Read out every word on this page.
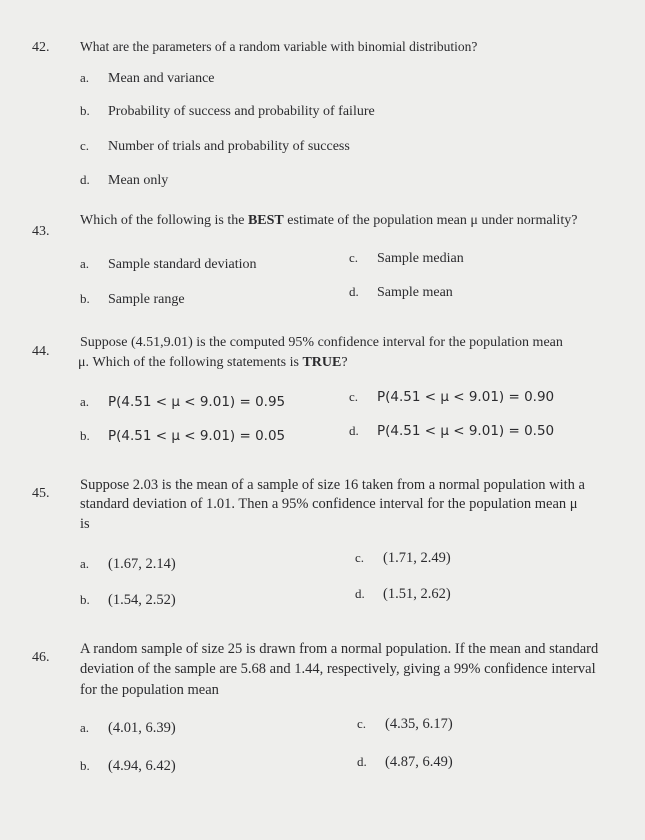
42. What are the parameters of a random variable with binomial distribution?
a. Mean and variance
b. Probability of success and probability of failure
c. Number of trials and probability of success
d. Mean only
43.
Which of the following is the BEST estimate of the population mean μ under normality?
a. Sample standard deviation
b. Sample range
c. Sample median
d. Sample mean
44.
Suppose (4.51,9.01) is the computed 95% confidence interval for the population mean
μ. Which of the following statements is TRUE?
a. P(4.51 < μ < 9.01) = 0.95
b. P(4.51 < μ < 9.01) = 0.05
c. P(4.51 < μ < 9.01) = 0.90
d. P(4.51 < μ < 9.01) = 0.50
45.
Suppose 2.03 is the mean of a sample of size 16 taken from a normal population with a
standard deviation of 1.01. Then a 95% confidence interval for the population mean μ
is
a. (1.67, 2.14)
b. (1.54, 2.52)
c. (1.71, 2.49)
d. (1.51, 2.62)
46.
A random sample of size 25 is drawn from a normal population. If the mean and standard
deviation of the sample are 5.68 and 1.44, respectively, giving a 99% confidence interval
for the population mean
a. (4.01, 6.39)
b. (4.94, 6.42)
c. (4.35, 6.17)
d. (4.87, 6.49)
